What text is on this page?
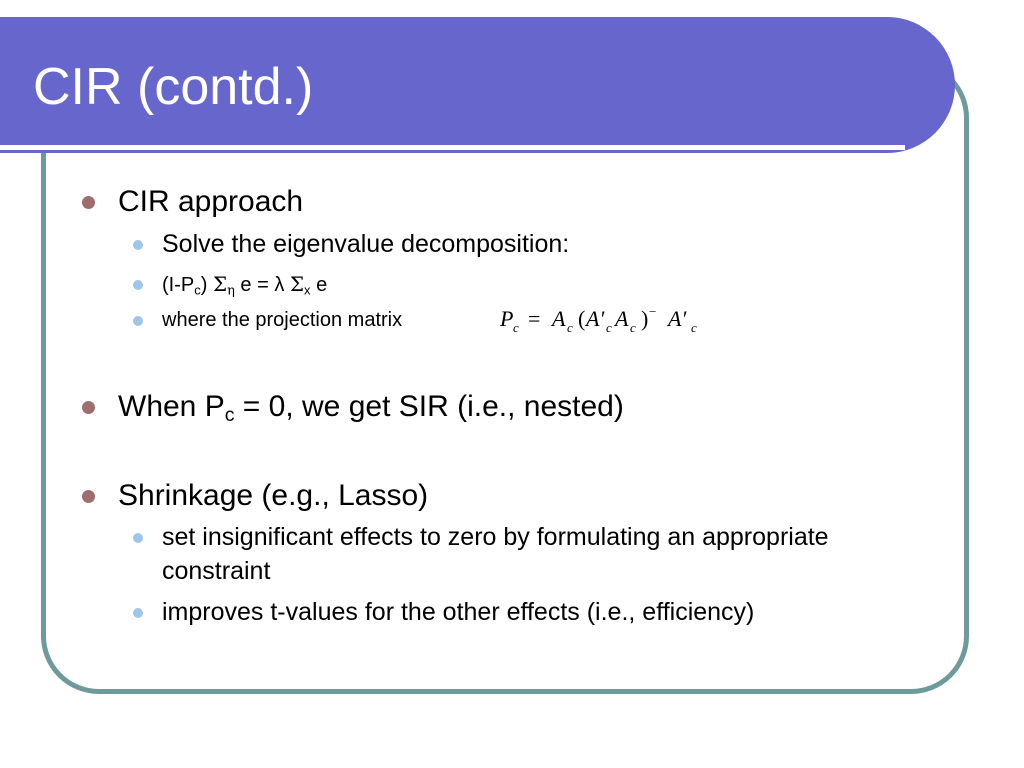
CIR (contd.)
CIR approach
Solve the eigenvalue decomposition:
$(I-P_c)$ $\Sigma_\eta$ e = λ $\Sigma_x$ e
where the projection matrix	P c = A c ( A′ c A c ) − A′ c
When $P_c = 0$, we get SIR (i.e., nested)
Shrinkage (e.g., Lasso)
set insignificant effects to zero by formulating an appropriate constraint
improves t-values for the other effects (i.e., efficiency)
